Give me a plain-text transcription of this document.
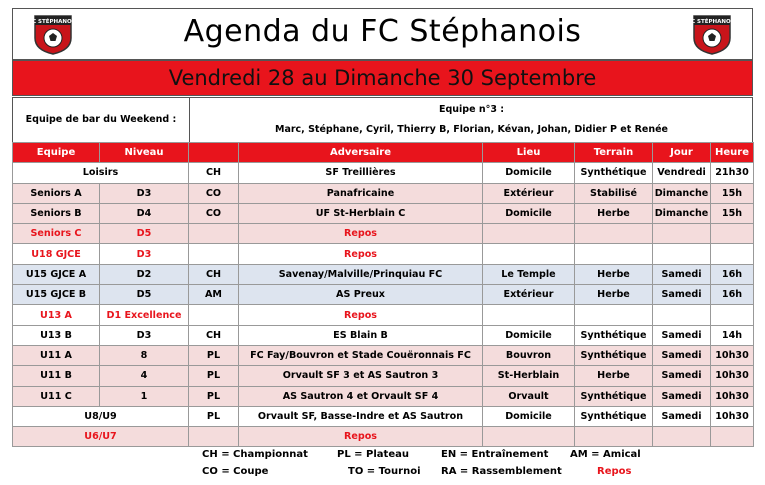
FC STÉPHANOIS	Agenda du FC Stéphanois	FC STÉPHANOIS
Vendredi 28 au Dimanche 30 Septembre
Equipe de bar du Weekend :
Equipe n°3 :
Marc, Stéphane, Cyril, Thierry B, Florian, Kévan, Johan, Didier P et Renée
Equipe	Niveau		Adversaire	Lieu	Terrain	Jour	Heure
Loisirs		CH	SF Treillières	Domicile	Synthétique	Vendredi	21h30
Seniors A	D3	CO	Panafricaine	Extérieur	Stabilisé	Dimanche	15h
Seniors B	D4	CO	UF St-Herblain C	Domicile	Herbe	Dimanche	15h
Seniors C	D5		Repos				
U18 GJCE	D3		Repos				
U15 GJCE A	D2	CH	Savenay/Malville/Prinquiau FC	Le Temple	Herbe	Samedi	16h
U15 GJCE B	D5	AM	AS Preux	Extérieur	Herbe	Samedi	16h
U13 A	D1 Excellence		Repos				
U13 B	D3	CH	ES Blain B	Domicile	Synthétique	Samedi	14h
U11 A	8	PL	FC Fay/Bouvron et Stade Couëronnais FC	Bouvron	Synthétique	Samedi	10h30
U11 B	4	PL	Orvault SF 3 et AS Sautron 3	St-Herblain	Herbe	Samedi	10h30
U11 C	1	PL	AS Sautron 4 et Orvault SF 4	Orvault	Synthétique	Samedi	10h30
U8/U9		PL	Orvault SF, Basse-Indre et AS Sautron	Domicile	Synthétique	Samedi	10h30
U6/U7			Repos				
CH = Championnat	PL = Plateau	EN = Entraînement AM = Amical
CO = Coupe	TO = Tournoi RA = Rassemblement	Repos
